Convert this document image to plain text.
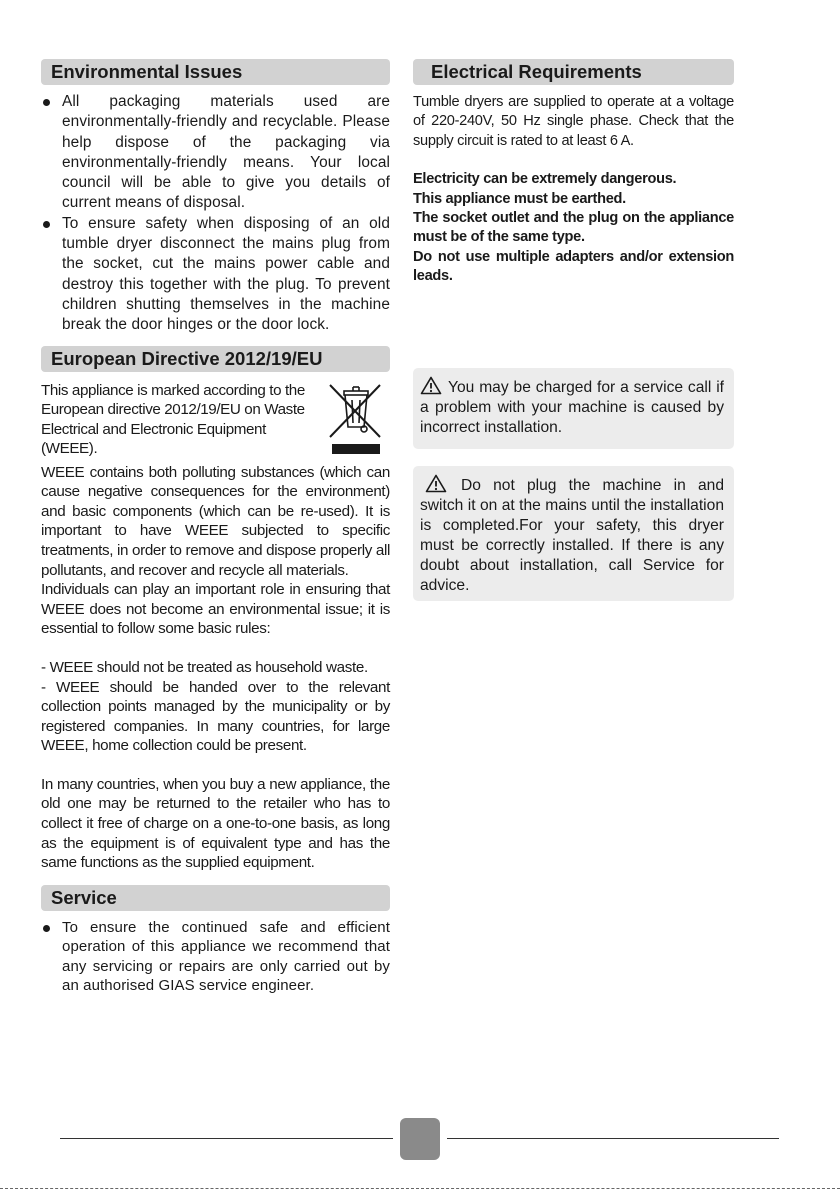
Environmental Issues
All packaging materials used are environmentally-friendly and recyclable. Please help dispose of the packaging via environmentally-friendly means. Your local council will be able to give you details of current means of disposal.
To ensure safety when disposing of an old tumble dryer disconnect the mains plug from the socket, cut the mains power cable and destroy this together with the plug. To prevent children shutting themselves in the machine break the door hinges or the door lock.
European Directive 2012/19/EU
This appliance is marked according to the European directive 2012/19/EU on Waste Electrical and Electronic Equipment (WEEE).

WEEE contains both polluting substances (which can cause negative consequences for the environment) and basic components (which can be re-used). It is important to have WEEE subjected to specific treatments, in order to remove and dispose properly all pollutants, and recover and recycle all materials.

Individuals can play an important role in ensuring that WEEE does not become an environmental issue; it is essential to follow some basic rules:

- WEEE should not be treated as household waste.

- WEEE should be handed over to the relevant collection points managed by the municipality or by registered companies. In many countries, for large WEEE, home collection could be present.

In many countries, when you buy a new appliance, the old one may be returned to the retailer who has to collect it free of charge on a one-to-one basis, as long as the equipment is of equivalent type and has the same functions as the supplied equipment.

Service
To ensure the continued safe and efficient operation of this appliance we recommend that any servicing or repairs are only carried out by an authorised GIAS service engineer.
Electrical Requirements

Tumble dryers are supplied to operate at a voltage of 220-240V, 50 Hz single phase. Check that the supply circuit is rated to at least 6 A.

Electricity can be extremely dangerous.
This appliance must be earthed.
The socket outlet and the plug on the appliance must be of the same type.
Do not use multiple adapters and/or extension leads.
You may be charged for a service call if a problem with your machine is caused by incorrect installation.
Do not plug the machine in and switch it on at the mains until the installation is completed.For your safety, this dryer must be correctly installed. If there is any doubt about installation, call Service for advice.
